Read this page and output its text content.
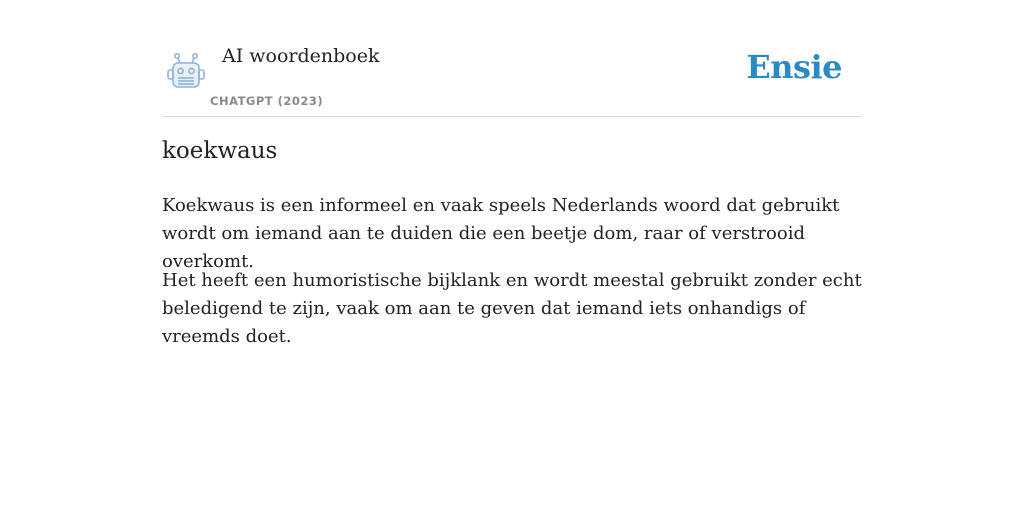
AI woordenboek
CHATGPT (2023)
Ensie
koekwaus

Koekwaus is een informeel en vaak speels Nederlands woord dat gebruikt wordt om iemand aan te duiden die een beetje dom, raar of verstrooid overkomt.

Het heeft een humoristische bijklank en wordt meestal gebruikt zonder echt beledigend te zijn, vaak om aan te geven dat iemand iets onhandigs of vreemds doet.
